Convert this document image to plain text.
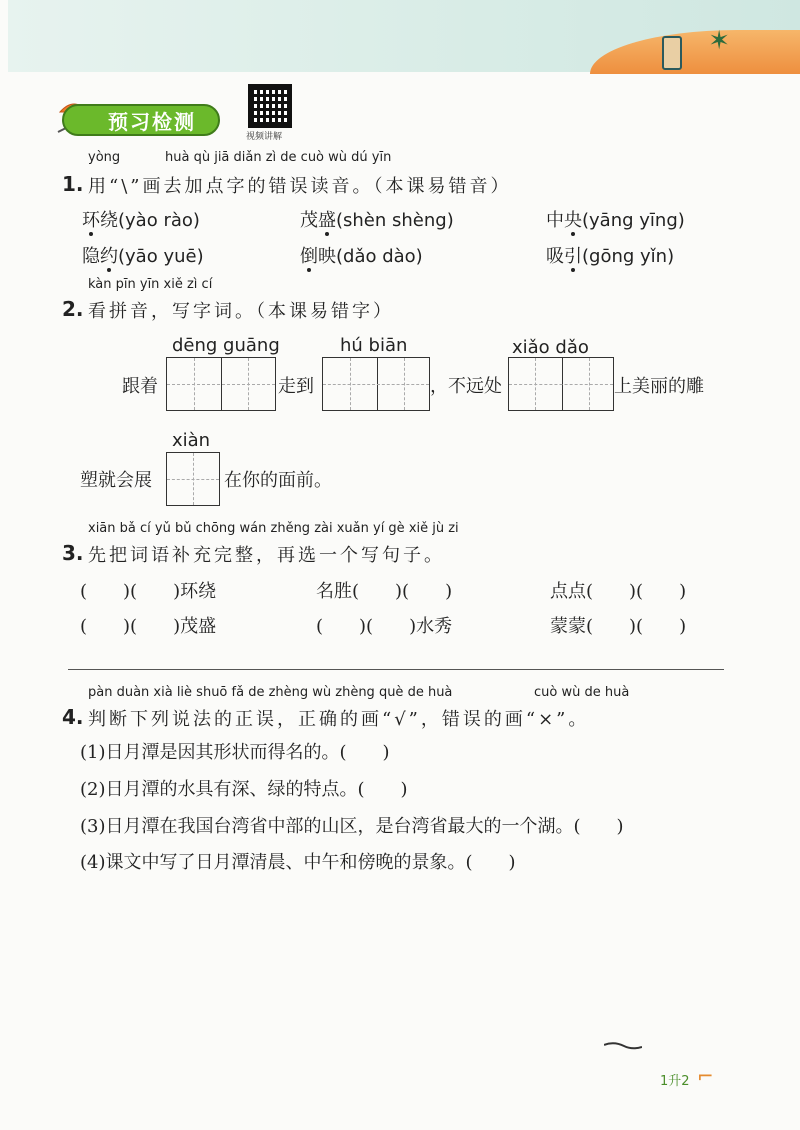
✶
预习检测
视频讲解
yòng	huà qù jiā diǎn zì de cuò wù dú yīn
1. 用“\”画去加点字的错误读音。（本课易错音）
环绕(yào rào)	茂盛(shèn shèng)	中央(yāng yīng)
隐约(yāo yuē)	倒映(dǎo dào)	吸引(gōng yǐn)
kàn pīn yīn xiě zì cí
2. 看拼音，写字词。（本课易错字）
dēng guāng	hú biān	xiǎo dǎo
xiàn
跟着	走到	，不远处	上美丽的雕
塑就会展	在你的面前。
xiān bǎ cí yǔ bǔ chōng wán zhěng zài xuǎn yí gè xiě jù zi
3. 先把词语补充完整，再选一个写句子。
(　　)(　　)环绕	名胜(　　)(　　)	点点(　　)(　　)
(　　)(　　)茂盛	(　　)(　　)水秀	蒙蒙(　　)(　　)
pàn duàn xià liè shuō fǎ de zhèng wù zhèng què de huà	cuò wù de huà
4. 判断下列说法的正误，正确的画“√”，错误的画“×”。
(1)日月潭是因其形状而得名的。(　　)
(2)日月潭的水具有深、绿的特点。(　　)
(3)日月潭在我国台湾省中部的山区，是台湾省最大的一个湖。(　　)
(4)课文中写了日月潭清晨、中午和傍晚的景象。(　　)
1升2 ⌐
